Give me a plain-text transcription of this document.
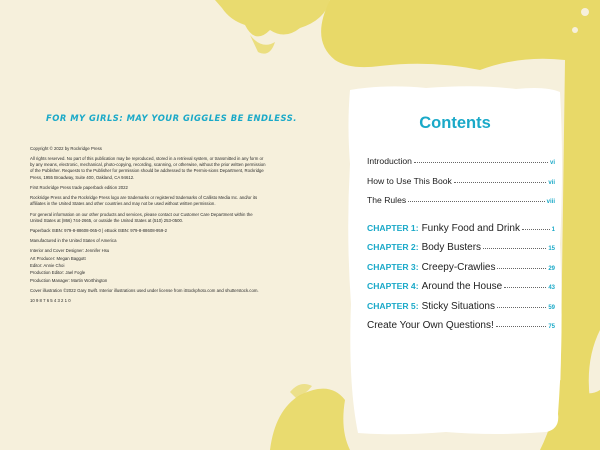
FOR MY GIRLS: MAY YOUR GIGGLES BE ENDLESS.

Copyright © 2022 by Rockridge Press

All rights reserved. No part of this publication may be reproduced, stored in a retrieval system, or transmitted in any form or by any means, electronic, mechanical, photo-copying, recording, scanning, or otherwise, without the prior written permission of the Publisher. Requests to the Publisher for permission should be addressed to the Permis-sions Department, Rockridge Press, 1955 Broadway, Suite 400, Oakland, CA 94612.

First Rockridge Press trade paperback edition 2022

Rockridge Press and the Rockridge Press logo are trademarks or registered trademarks of Callisto Media Inc. and/or its affiliates in the United States and other countries and may not be used without written permission.

For general information on our other products and services, please contact our Customer Care Department within the United States at (866) 744-2665, or outside the United States at (510) 253-0500.

Paperback ISBN: 979-8-88608-065-0 | eBook ISBN: 979-8-88608-959-2

Manufactured in the United States of America

Interior and Cover Designer: Jennifer Hsu

Art Producer: Megan Baggott

Editor: Annie Choi

Production Editor: Jael Fogle

Production Manager: Martin Worthington

Cover illustration ©2022 Gary Swift. Interior illustrations used under license from iStockphoto.com and shutterstock.com.

10 9 8 7 6 5 4 3 2 1 0

Contents
Introduction	vi
How to Use This Book	vii
The Rules	viii
CHAPTER 1: Funky Food and Drink	1
CHAPTER 2: Body Busters	15
CHAPTER 3: Creepy-Crawlies	29
CHAPTER 4: Around the House	43
CHAPTER 5: Sticky Situations	59
Create Your Own Questions!	75
